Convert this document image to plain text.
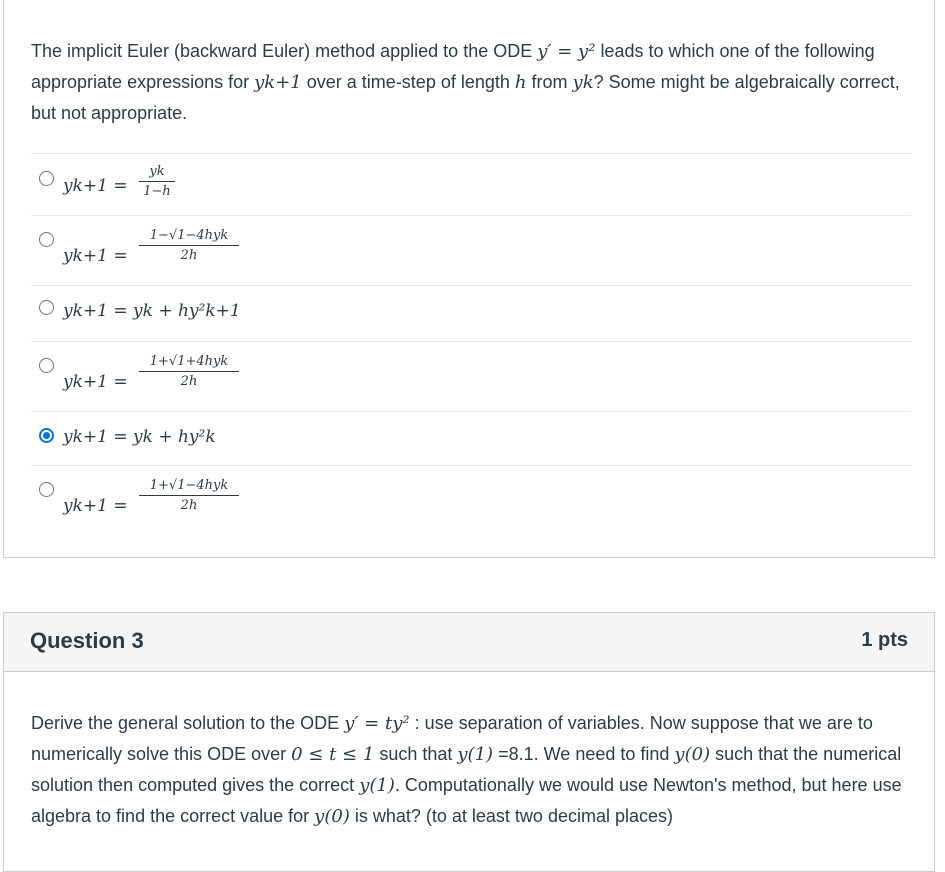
The implicit Euler (backward Euler) method applied to the ODE y′ = y² leads to which one of the following appropriate expressions for yk+1 over a time-step of length h from yk? Some might be algebraically correct, but not appropriate.
yk+1 =
yk
1−h
yk+1 =
1−√1−4hyk
2h
yk+1 = yk + hy²k+1
yk+1 =
1+√1+4hyk
2h
yk+1 = yk + hy²k
yk+1 =
1+√1−4hyk
2h
Question 3	1 pts
Derive the general solution to the ODE y′ = ty² : use separation of variables. Now suppose that we are to numerically solve this ODE over 0 ≤ t ≤ 1 such that y(1) =8.1. We need to find y(0) such that the numerical solution then computed gives the correct y(1). Computationally we would use Newton's method, but here use algebra to find the correct value for y(0) is what? (to at least two decimal places)
